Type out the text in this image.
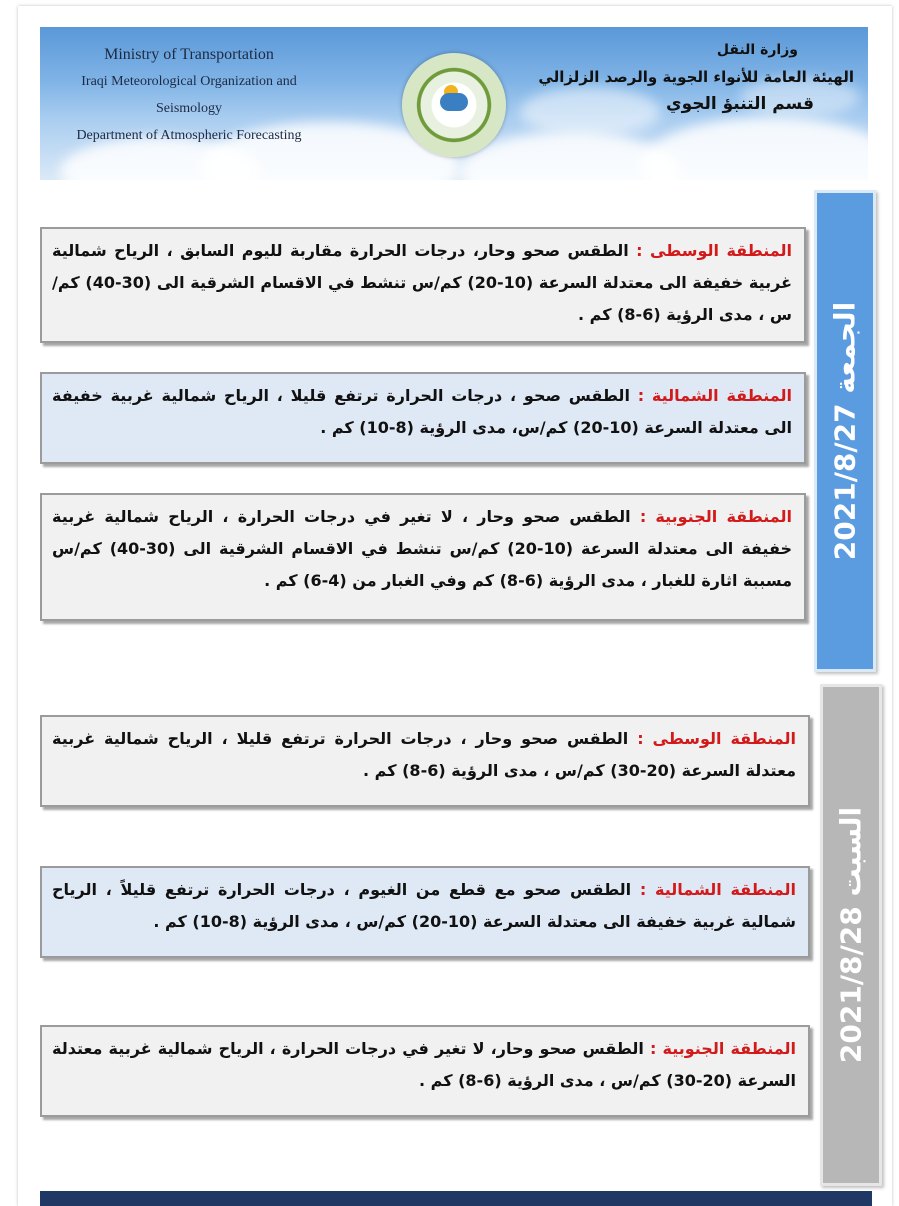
Ministry of Transportation
Iraqi Meteorological Organization and Seismology
Department of Atmospheric Forecasting
وزارة النقل
الهيئة العامة للأنواء الجوية والرصد الزلزالي
قسم التنبؤ الجوي
الجمعة 2021/8/27
السبت 2021/8/28
المنطقة الوسطى : الطقس صحو وحار، درجات الحرارة مقاربة لليوم السابق ، الرياح شمالية غربية خفيفة الى معتدلة السرعة (10-20) كم/س تنشط في الاقسام الشرقية الى (30-40) كم/س ، مدى الرؤية (6-8) كم .
المنطقة الشمالية : الطقس صحو ، درجات الحرارة ترتفع قليلا ، الرياح شمالية غربية خفيفة الى معتدلة السرعة (10-20) كم/س، مدى الرؤية (8-10) كم .
المنطقة الجنوبية : الطقس صحو وحار ، لا تغير في درجات الحرارة ، الرياح شمالية غربية خفيفة الى معتدلة السرعة (10-20) كم/س تنشط في الاقسام الشرقية الى (30-40) كم/س مسببة اثارة للغبار ، مدى الرؤية (6-8) كم وفي الغبار من (4-6) كم .
المنطقة الوسطى : الطقس صحو وحار ، درجات الحرارة ترتفع قليلا ، الرياح شمالية غربية معتدلة السرعة (20-30) كم/س ، مدى الرؤية (6-8) كم .
المنطقة الشمالية : الطقس صحو مع قطع من الغيوم ، درجات الحرارة ترتفع قليلاً ، الرياح شمالية غربية خفيفة الى معتدلة السرعة (10-20) كم/س ، مدى الرؤية (8-10) كم .
المنطقة الجنوبية : الطقس صحو وحار، لا تغير في درجات الحرارة ، الرياح شمالية غربية معتدلة السرعة (20-30) كم/س ، مدى الرؤية (6-8) كم .
